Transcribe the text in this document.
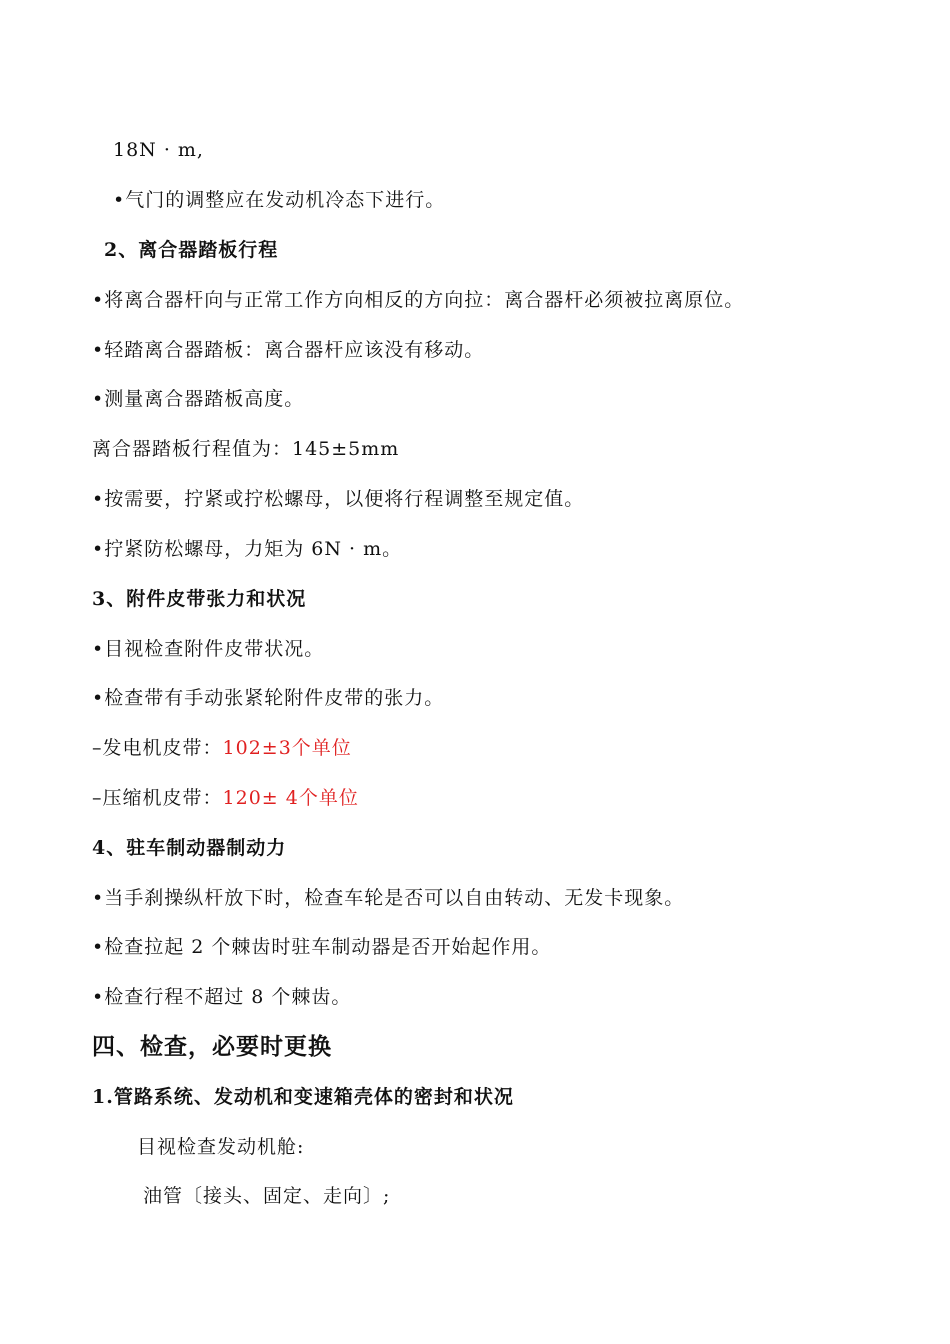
18N · m,
•气门的调整应在发动机冷态下进行。
2、离合器踏板行程
•将离合器杆向与正常工作方向相反的方向拉：离合器杆必须被拉离原位。
•轻踏离合器踏板：离合器杆应该没有移动。
•测量离合器踏板高度。
离合器踏板行程值为：145±5mm
•按需要，拧紧或拧松螺母，以便将行程调整至规定值。
•拧紧防松螺母，力矩为 6N · m。
3、附件皮带张力和状况
•目视检查附件皮带状况。
•检查带有手动张紧轮附件皮带的张力。
–发电机皮带：102±3个单位
–压缩机皮带：120± 4个单位
4、驻车制动器制动力
•当手刹操纵杆放下时，检查车轮是否可以自由转动、无发卡现象。
•检查拉起 2 个棘齿时驻车制动器是否开始起作用。
•检查行程不超过 8 个棘齿。
四、检查，必要时更换
1.管路系统、发动机和变速箱壳体的密封和状况
目视检查发动机舱:
油管〔接头、固定、走向〕;
